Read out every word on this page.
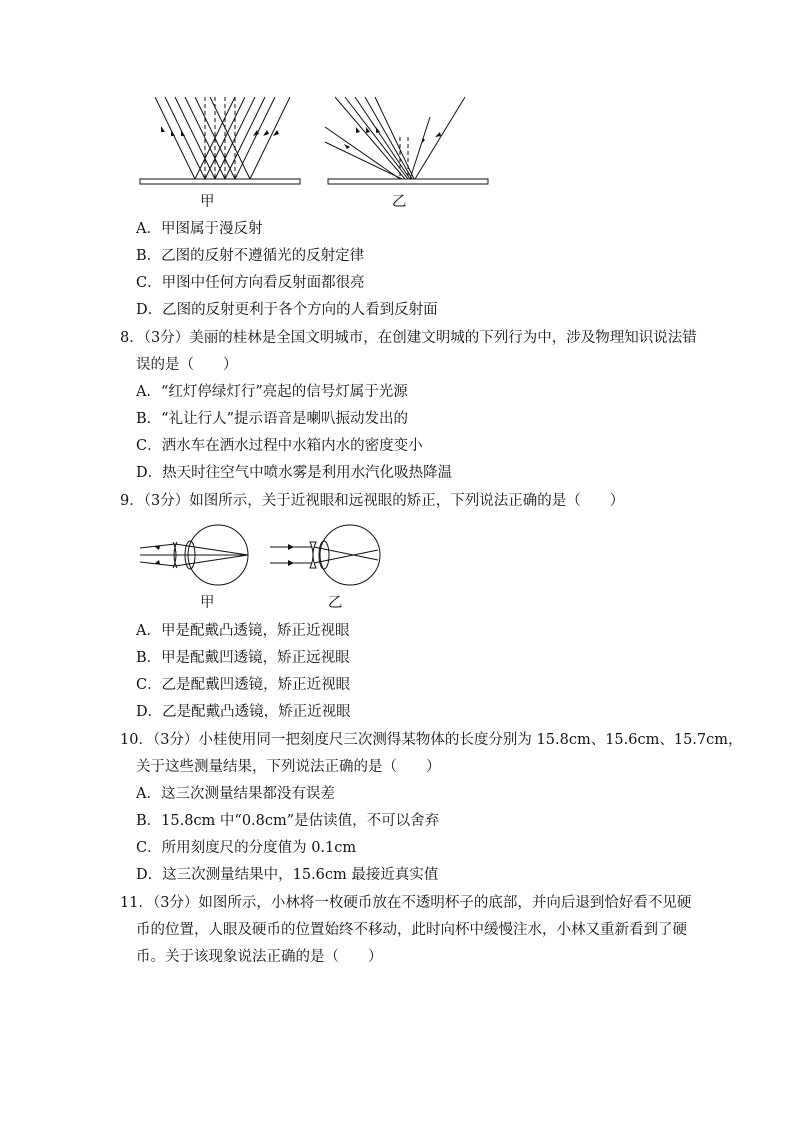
甲	乙
A．甲图属于漫反射
B．乙图的反射不遵循光的反射定律
C．甲图中任何方向看反射面都很亮
D．乙图的反射更利于各个方向的人看到反射面
8．（3分）美丽的桂林是全国文明城市，在创建文明城的下列行为中，涉及物理知识说法错
误的是（　　）
A．“红灯停绿灯行”亮起的信号灯属于光源
B．“礼让行人”提示语音是喇叭振动发出的
C．洒水车在洒水过程中水箱内水的密度变小
D．热天时往空气中喷水雾是利用水汽化吸热降温
9．（3分）如图所示，关于近视眼和远视眼的矫正，下列说法正确的是（　　）
甲	乙
A．甲是配戴凸透镜，矫正近视眼
B．甲是配戴凹透镜，矫正远视眼
C．乙是配戴凹透镜，矫正近视眼
D．乙是配戴凸透镜，矫正近视眼
10．（3分）小桂使用同一把刻度尺三次测得某物体的长度分别为 15.8cm、15.6cm、15.7cm，
关于这些测量结果，下列说法正确的是（　　）
A．这三次测量结果都没有误差
B．15.8cm 中“0.8cm”是估读值，不可以舍弃
C．所用刻度尺的分度值为 0.1cm
D．这三次测量结果中，15.6cm 最接近真实值
11．（3分）如图所示，小林将一枚硬币放在不透明杯子的底部，并向后退到恰好看不见硬
币的位置，人眼及硬币的位置始终不移动，此时向杯中缓慢注水，小林又重新看到了硬
币。关于该现象说法正确的是（　　）
